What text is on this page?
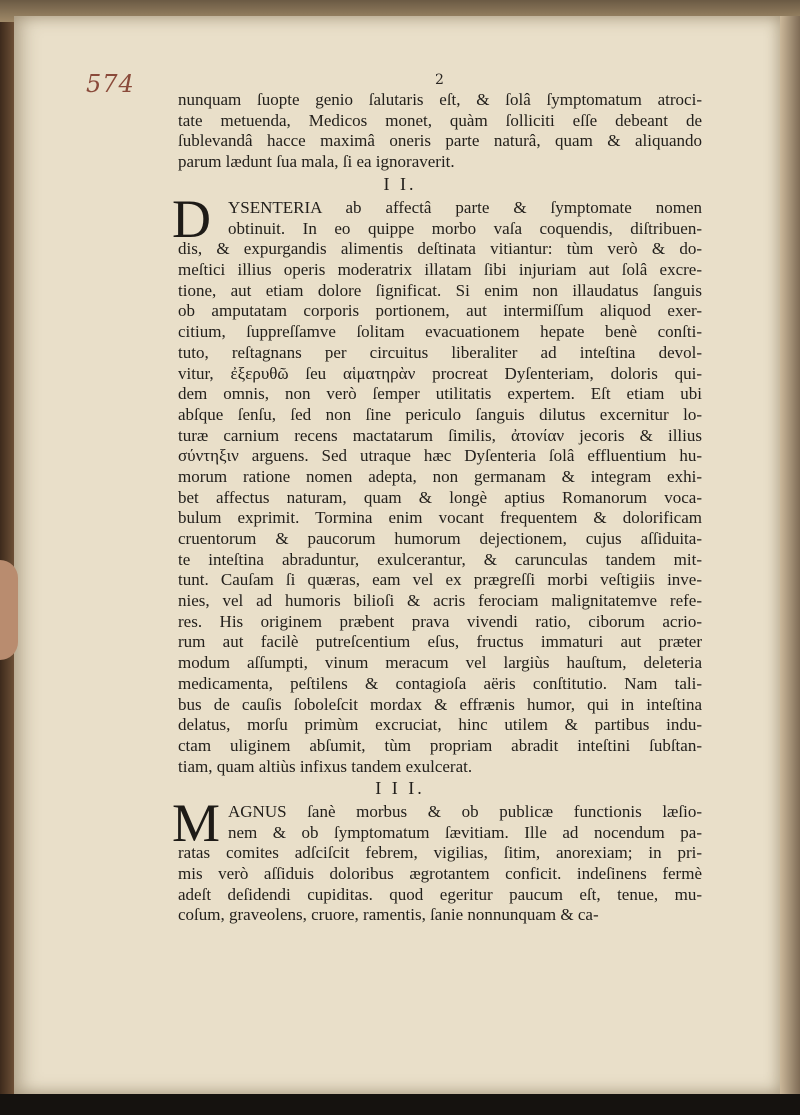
574	2
nunquam ſuopte genio ſalutaris eſt, & ſolâ ſymptomatum atroci-
tate metuenda, Medicos monet, quàm ſolliciti eſſe debeant de
ſublevandâ hacce maximâ oneris parte naturâ, quam & aliquando
parum lædunt ſua mala, ſi ea ignoraverit.
I I.
D YSENTERIA ab affectâ parte & ſymptomate nomen
obtinuit. In eo quippe morbo vaſa coquendis, diſtribuen-
dis, & expurgandis alimentis deſtinata vitiantur: tùm verò & do-
meſtici illius operis moderatrix illatam ſibi injuriam aut ſolâ excre-
tione, aut etiam dolore ſignificat. Si enim non illaudatus ſanguis
ob amputatam corporis portionem, aut intermiſſum aliquod exer-
citium, ſuppreſſamve ſolitam evacuationem hepate benè conſti-
tuto, reſtagnans per circuitus liberaliter ad inteſtina devol-
vitur, ἐξερυθῶ ſeu αἱματηρὰν procreat Dyſenteriam, doloris qui-
dem omnis, non verò ſemper utilitatis expertem. Eſt etiam ubi
abſque ſenſu, ſed non ſine periculo ſanguis dilutus excernitur lo-
turæ carnium recens mactatarum ſimilis, ἀτονίαν jecoris & illius
σύντηξιν arguens. Sed utraque hæc Dyſenteria ſolâ effluentium hu-
morum ratione nomen adepta, non germanam & integram exhi-
bet affectus naturam, quam & longè aptius Romanorum voca-
bulum exprimit. Tormina enim vocant frequentem & dolorificam
cruentorum & paucorum humorum dejectionem, cujus aſſiduita-
te inteſtina abraduntur, exulcerantur, & carunculas tandem mit-
tunt. Cauſam ſi quæras, eam vel ex prægreſſi morbi veſtigiis inve-
nies, vel ad humoris bilioſi & acris ferociam malignitatemve refe-
res. His originem præbent prava vivendi ratio, ciborum acrio-
rum aut facilè putreſcentium eſus, fructus immaturi aut præter
modum aſſumpti, vinum meracum vel largiùs hauſtum, deleteria
medicamenta, peſtilens & contagioſa aëris conſtitutio. Nam tali-
bus de cauſis ſoboleſcit mordax & effrænis humor, qui in inteſtina
delatus, morſu primùm excruciat, hinc utilem & partibus indu-
ctam uliginem abſumit, tùm propriam abradit inteſtini ſubſtan-
tiam, quam altiùs infixus tandem exulcerat.
I I I.
M AGNUS ſanè morbus & ob publicæ functionis læſio-
nem & ob ſymptomatum ſævitiam. Ille ad nocendum pa-
ratas comites adſciſcit febrem, vigilias, ſitim, anorexiam; in pri-
mis verò aſſiduis doloribus ægrotantem conficit. indeſinens fermè
adeſt deſidendi cupiditas. quod egeritur paucum eſt, tenue, mu-
coſum, graveolens, cruore, ramentis, ſanie nonnunquam & ca-
